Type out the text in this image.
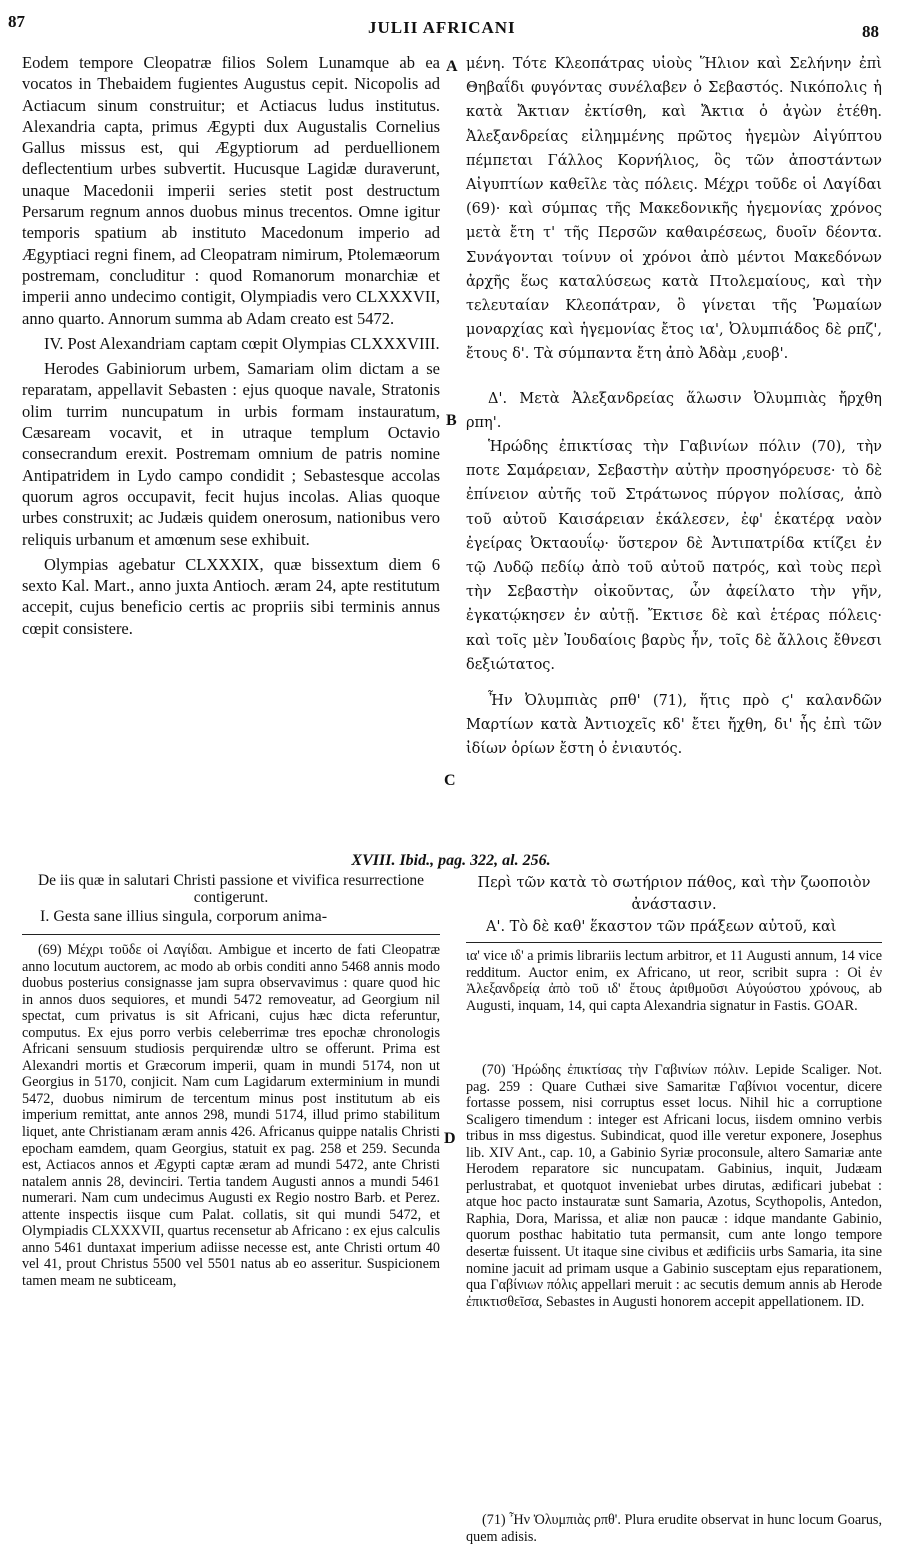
87	JULII AFRICANI	88
A
B
C
D

Eodem tempore Cleopatræ filios Solem Lunamque ab ea vocatos in Thebaidem fugientes Augustus cepit. Nicopolis ad Actiacum sinum construitur; et Actiacus ludus institutus. Alexandria capta, primus Ægypti dux Augustalis Cornelius Gallus missus est, qui Ægyptiorum ad perduellionem deflectentium urbes subvertit. Hucusque Lagidæ duraverunt, unaque Macedonii imperii series stetit post destructum Persarum regnum annos duobus minus trecentos. Omne igitur temporis spatium ab instituto Macedonum imperio ad Ægyptiaci regni finem, ad Cleopatram nimirum, Ptolemæorum postremam, concluditur : quod Romanorum monarchiæ et imperii anno undecimo contigit, Olympiadis vero CLXXXVII, anno quarto. Annorum summa ab Adam creato est 5472.

IV. Post Alexandriam captam cœpit Olympias CLXXXVIII.

Herodes Gabiniorum urbem, Samariam olim dictam a se reparatam, appellavit Sebasten : ejus quoque navale, Stratonis olim turrim nuncupatum in urbis formam instauratum, Cæsaream vocavit, et in utraque templum Octavio consecrandum erexit. Postremam omnium de patris nomine Antipatridem in Lydo campo condidit ; Sebastesque accolas quorum agros occupavit, fecit hujus incolas. Alias quoque urbes construxit; ac Judæis quidem onerosum, nationibus vero reliquis urbanum et amœnum sese exhibuit.

Olympias agebatur CLXXXIX, quæ bissextum diem 6 sexto Kal. Mart., anno juxta Antioch. æram 24, apte restitutum accepit, cujus beneficio certis ac propriis sibi terminis annus cœpit consistere.

μένη. Τότε Κλεοπάτρας υἱοὺς Ἥλιον καὶ Σελήνην ἐπὶ Θηβαΐδι φυγόντας συνέλαβεν ὁ Σεβαστός. Νικόπολις ἡ κατὰ Ἄκτιαν ἐκτίσθη, καὶ Ἄκτια ὁ ἀγὼν ἐτέθη. Ἀλεξανδρείας εἰλημμένης πρῶτος ἡγεμὼν Αἰγύπτου πέμπεται Γάλλος Κορνήλιος, ὃς τῶν ἀποστάντων Αἰγυπτίων καθεῖλε τὰς πόλεις. Μέχρι τοῦδε οἱ Λαγίδαι (69)· καὶ σύμπας τῆς Μακεδονικῆς ἡγεμονίας χρόνος μετὰ ἔτη τ' τῆς Περσῶν καθαιρέσεως, δυοῖν δέοντα. Συνάγονται τοίνυν οἱ χρόνοι ἀπὸ μέντοι Μακεδόνων ἀρχῆς ἕως καταλύσεως κατὰ Πτολεμαίους, καὶ τὴν τελευταίαν Κλεοπάτραν, ὃ γίνεται τῆς Ῥωμαίων μοναρχίας καὶ ἡγεμονίας ἔτος ια', Ὀλυμπιάδος δὲ ρπζ', ἔτους δ'. Τὰ σύμπαντα ἔτη ἀπὸ Ἀδὰμ ,ευοβ'.

Δ'. Μετὰ Ἀλεξανδρείας ἅλωσιν Ὀλυμπιὰς ἤρχθη ρπη'.

Ἡρώδης ἐπικτίσας τὴν Γαβινίων πόλιν (70), τὴν ποτε Σαμάρειαν, Σεβαστὴν αὐτὴν προσηγόρευσε· τὸ δὲ ἐπίνειον αὐτῆς τοῦ Στράτωνος πύργον πολίσας, ἀπὸ τοῦ αὐτοῦ Καισάρειαν ἐκάλεσεν, ἐφ' ἑκατέρᾳ ναὸν ἐγείρας Ὀκταουΐῳ· ὕστερον δὲ Ἀντιπατρίδα κτίζει ἐν τῷ Λυδῷ πεδίῳ ἀπὸ τοῦ αὐτοῦ πατρός, καὶ τοὺς περὶ τὴν Σεβαστὴν οἰκοῦντας, ὧν ἀφείλατο τὴν γῆν, ἐγκατῴκησεν ἐν αὐτῇ. Ἔκτισε δὲ καὶ ἑτέρας πόλεις· καὶ τοῖς μὲν Ἰουδαίοις βαρὺς ἦν, τοῖς δὲ ἄλλοις ἔθνεσι δεξιώτατος.

Ἦν Ὀλυμπιὰς ρπθ' (71), ἥτις πρὸ ϛ' καλανδῶν Μαρτίων κατὰ Ἀντιοχεῖς κδ' ἔτει ἤχθη, δι' ἧς ἐπὶ τῶν ἰδίων ὁρίων ἔστη ὁ ἐνιαυτός.

XVIII. Ibid., pag. 322, al. 256.
De iis quæ in salutari Christi passione et vivifica resurrectione contigerunt.
I. Gesta sane illius singula, corporum anima-
Περὶ τῶν κατὰ τὸ σωτήριον πάθος, καὶ τὴν ζωοποιὸν ἀνάστασιν.
Α'. Τὸ δὲ καθ' ἕκαστον τῶν πράξεων αὐτοῦ, καὶ
(69) Μέχρι τοῦδε οἱ Λαγίδαι. Ambigue et incerto de fati Cleopatræ anno locutum auctorem, ac modo ab orbis conditi anno 5468 annis modo duobus posterius consignasse jam supra observavimus : quare quod hic in annos duos sequiores, et mundi 5472 removeatur, ad Georgium nil spectat, cum privatus is sit Africani, cujus hæc dicta referuntur, computus. Ex ejus porro verbis celeberrimæ tres epochæ chronologis Africani sensuum studiosis perquirendæ ultro se offerunt. Prima est Alexandri mortis et Græcorum imperii, quam in mundi 5174, non ut Georgius in 5170, conjicit. Nam cum Lagidarum exterminium in mundi 5472, duobus nimirum de tercentum minus post institutum ab eis imperium remittat, ante annos 298, mundi 5174, illud primo stabilitum liquet, ante Christianam æram annis 426. Africanus quippe natalis Christi epocham eamdem, quam Georgius, statuit ex pag. 258 et 259. Secunda est, Actiacos annos et Ægypti captæ æram ad mundi 5472, ante Christi natalem annis 28, devinciri. Tertia tandem Augusti annos a mundi 5461 numerari. Nam cum undecimus Augusti ex Regio nostro Barb. et Perez. attente inspectis iisque cum Palat. collatis, sit qui mundi 5472, et Olympiadis CLXXXVII, quartus recensetur ab Africano : ex ejus calculis anno 5461 duntaxat imperium adiisse necesse est, ante Christi ortum 40 vel 41, prout Christus 5500 vel 5501 natus ab eo asseritur. Suspicionem tamen meam ne subticeam,
ια' vice ιδ' a primis librariis lectum arbitror, et 11 Augusti annum, 14 vice redditum. Auctor enim, ex Africano, ut reor, scribit supra : Οἱ ἐν Ἀλεξανδρείᾳ ἀπὸ τοῦ ιδ' ἔτους ἀριθμοῦσι Αὐγούστου χρόνους, ab Augusti, inquam, 14, qui capta Alexandria signatur in Fastis. GOAR.
(70) Ἡρώδης ἐπικτίσας τὴν Γαβινίων πόλιν. Lepide Scaliger. Not. pag. 259 : Quare Cuthæi sive Samaritæ Γαβίνιοι vocentur, dicere fortasse possem, nisi corruptus esset locus. Nihil hic a corruptione Scaligero timendum : integer est Africani locus, iisdem omnino verbis tribus in mss digestus. Subindicat, quod ille veretur exponere, Josephus lib. XIV Ant., cap. 10, a Gabinio Syriæ proconsule, altero Samariæ ante Herodem reparatore sic nuncupatam. Gabinius, inquit, Judæam perlustrabat, et quotquot inveniebat urbes dirutas, ædificari jubebat : atque hoc pacto instauratæ sunt Samaria, Azotus, Scythopolis, Antedon, Raphia, Dora, Marissa, et aliæ non paucæ : idque mandante Gabinio, quorum posthac habitatio tuta permansit, cum ante longo tempore desertæ fuissent. Ut itaque sine civibus et ædificiis urbs Samaria, ita sine nomine jacuit ad primam usque a Gabinio susceptam ejus reparationem, qua Γαβίνιων πόλις appellari meruit : ac secutis demum annis ab Herode ἐπικτισθεῖσα, Sebastes in Augusti honorem accepit appellationem. ID.
(71) Ἦν Ὀλυμπιὰς ρπθ'. Plura erudite observat in hunc locum Goarus, quem adisis.
